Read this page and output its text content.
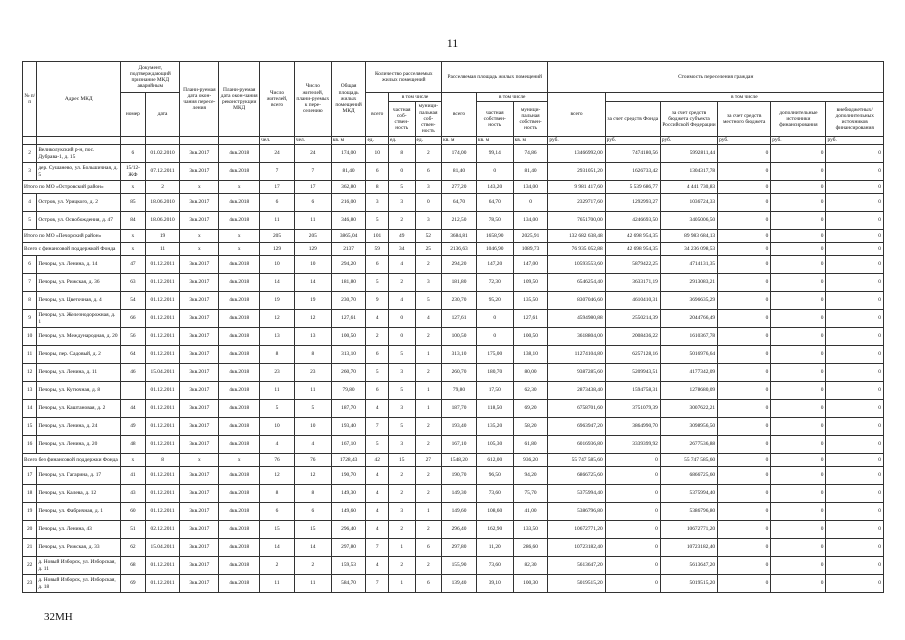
11
№ п/п	Адрес МКД	Документ, подтверждающий признание МКД аварийным		Плани-руемая дата окон-чания пересе-ления	Плани-руемая дата окон-чания реконструкции МКД	Число жителей, всего	Число жителей, плани-руемых к пере-селению	Общая площадь жилых помещений МКД	Количество расселяемых жилых помещений			Расселяемая площадь жилых помещений			Стоимость переселения граждан					
		номер	дата						всего	в том числе		всего	в том числе		всего	в том числе				
										частная соб-ствен-ность	муници-пальная соб-ствен-ность		частная собствен-ность	муници-пальная собствен-ность		за счет средств Фонда	за счет средств бюджета субъекта Российской Федерации	за счет средств местного бюджета	дополнительные источники финансирования	внебюджетных/ дополнительных источников финансирования
						чел.	чел.	кв. м	ед.	ед.	ед.	кв. м	кв. м	кв. м	руб.	руб.	руб.	руб.	руб.	руб.
2	Великолукский р-н, пос. Дубрава-1, д. 15	6	01.02.2010	3кв.2017	4кв.2018	24	24	174,00	10	8	2	174,00	99,14	74,86	13466992,00	7474180,56	5992811,44	0	0	0
3	дер. Сушанево, ул. Большичная, д. 5	15/12-ЖФ	07.12.2011	3кв.2017	4кв.2018	7	7	81,40	6	0	6	81,40	0	81,40	2931051,20	1626733,42	1304317,78	0	0	0
Итого по МО «Островский район»		х	2	х	х	17	17	362,80	8	5	3	277,20	143,20	134,00	9 981 417,60	5 539 686,77	4 441 730,83	0	0	0
4	Остров, ул. Урицкого, д. 2	85	18.06.2010	3кв.2017	4кв.2018	6	6	216,00	3	3	0	64,70	64,70	0	2329717,60	1292993,27	1036724,33	0	0	0
5	Остров, ул. Освобождения, д. 47	84	18.06.2010	3кв.2017	4кв.2018	11	11	346,80	5	2	3	212,50	78,50	134,00	7651700,00	4246693,50	3405006,50	0	0	0
Итого по МО «Печорский район»		х	19	х	х	205	205	3865,04	101	49	52	3684,81	1658,90	2025,91	132 682 638,48	42 698 954,35	89 983 684,13	0	0	0
Всего с финансовой поддержкой Фонда		х	11	х	х	129	129	2137	59	34	25	2136,63	1046,90	1089,73	76 935 052,88	42 698 954,35	34 236 098,53	0	0	0
6	Печоры, ул. Ленина, д. 14	47	01.12.2011	3кв.2017	4кв.2018	10	10	294,20	6	4	2	294,20	147,20	147,00	10593553,60	5879422,25	4714131,35	0	0	0
7	Печоры, ул. Рижская, д. 36	63	01.12.2011	3кв.2017	4кв.2018	14	14	181,80	5	2	3	181,80	72,30	109,50	6546254,40	3633171,19	2913083,21	0	0	0
8	Печоры, ул. Цветочная, д. 4	54	01.12.2011	3кв.2017	4кв.2018	19	19	230,70	9	4	5	230,70	95,20	135,50	8307046,60	4610410,31	3696635,29	0	0	0
9	Печоры, ул. Железнодорожная, д. 1	66	01.12.2011	3кв.2017	4кв.2018	12	12	127,61	4	0	4	127,61	0	127,61	4594980,88	2550214,39	2044766,49	0	0	0
10	Печоры, ул. Международная, д. 20	56	01.12.2011	3кв.2017	4кв.2018	13	13	100,50	2	0	2	100,50	0	100,50	3618804,00	2008436,22	1610367,78	0	0	0
11	Печоры, пер. Садовый, д. 2	64	01.12.2011	3кв.2017	4кв.2018	8	8	313,10	6	5	1	313,10	175,00	138,10	11274104,80	6257128,16	5016976,64	0	0	0
12	Печоры, ул. Ленина, д. 11	46	15.04.2011	3кв.2017	4кв.2018	23	23	260,70	5	3	2	260,70	180,70	80,00	9387285,60	5209943,51	4177342,09	0	0	0
13	Печоры, ул. Кутючная, д. 8		01.12.2011	3кв.2017	4кв.2018	11	11	79,80	6	5	1	79,80	17,50	62,30	2873438,40	1594758,31	1278680,09	0	0	0
14	Печоры, ул. Каштановая, д. 2	44	01.12.2011	3кв.2017	4кв.2018	5	5	187,70	4	3	1	187,70	118,50	69,20	6758701,60	3751079,39	3007622,21	0	0	0
15	Печоры, ул. Ленина, д. 24	49	01.12.2011	3кв.2017	4кв.2018	10	10	193,40	7	5	2	193,40	135,20	58,20	6963947,20	3864990,70	3098956,50	0	0	0
16	Печоры, ул. Ленина, д. 20	48	01.12.2011	3кв.2017	4кв.2018	4	4	167,10	5	3	2	167,10	105,30	61,80	6016936,80	3339399,92	2677536,88	0	0	0
Всего без финансовой поддержки Фонда		х	8	х	х	76	76	1728,43	42	15	27	1548,20	612,00	936,20	55 747 585,60	0	55 747 585,60	0	0	0
17	Печоры, ул. Гагарина, д. 17	41	01.12.2011	3кв.2017	4кв.2018	12	12	190,70	4	2	2	190,70	96,50	94,20	6866725,60	0	6866725,60	0	0	0
18	Печоры, ул. Калева, д. 12	43	01.12.2011	3кв.2017	4кв.2018	8	8	149,30	4	2	2	149,30	73,60	75,70	5375994,40	0	5375994,40	0	0	0
19	Печоры, ул. Фабричная, д. 1	60	01.12.2011	3кв.2017	4кв.2018	6	6	149,60	4	3	1	149,60	108,60	41,00	5386796,80	0	5386796,80	0	0	0
20	Печоры, ул. Ленина, 43	51	02.12.2011	3кв.2017	4кв.2018	15	15	296,40	4	2	2	296,40	162,90	133,50	10672771,20	0	10672771,20	0	0	0
21	Печоры, ул. Рижская, д. 33	62	15.04.2011	3кв.2017	4кв.2018	14	14	297,80	7	1	6	297,80	11,20	286,60	10723182,40	0	10723182,40	0	0	0
22	д. Новый Изборск, ул. Изборская, д. 11	68	01.12.2011	3кв.2017	4кв.2018	2	2	159,53	4	2	2	155,90	73,60	82,30	5613647,20	0	5613647,20	0	0	0
23	д. Новый Изборск, ул. Изборская, д. 18	69	01.12.2011	3кв.2017	4кв.2018	11	11	584,70	7	1	6	139,40	39,10	100,30	5019515,20	0	5019515,20	0	0	0
32МН
